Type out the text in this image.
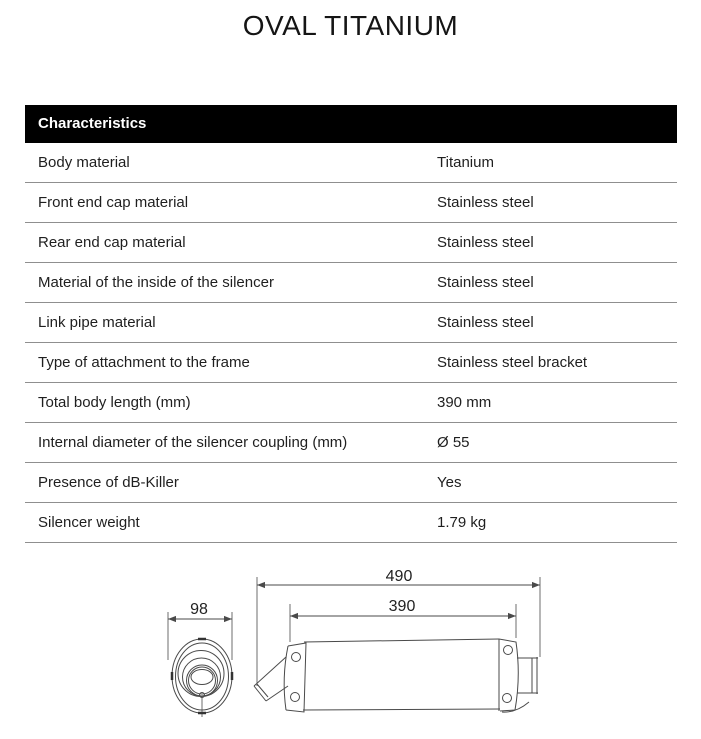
OVAL TITANIUM
Characteristics
Body material	Titanium
Front end cap material	Stainless steel
Rear end cap material	Stainless steel
Material of the inside of the silencer	Stainless steel
Link pipe material	Stainless steel
Type of attachment to the frame	Stainless steel bracket
Total body length (mm)	390 mm
Internal diameter of the silencer coupling (mm)	Ø 55
Presence of dB-Killer	Yes
Silencer weight	1.79 kg
98
490
390
